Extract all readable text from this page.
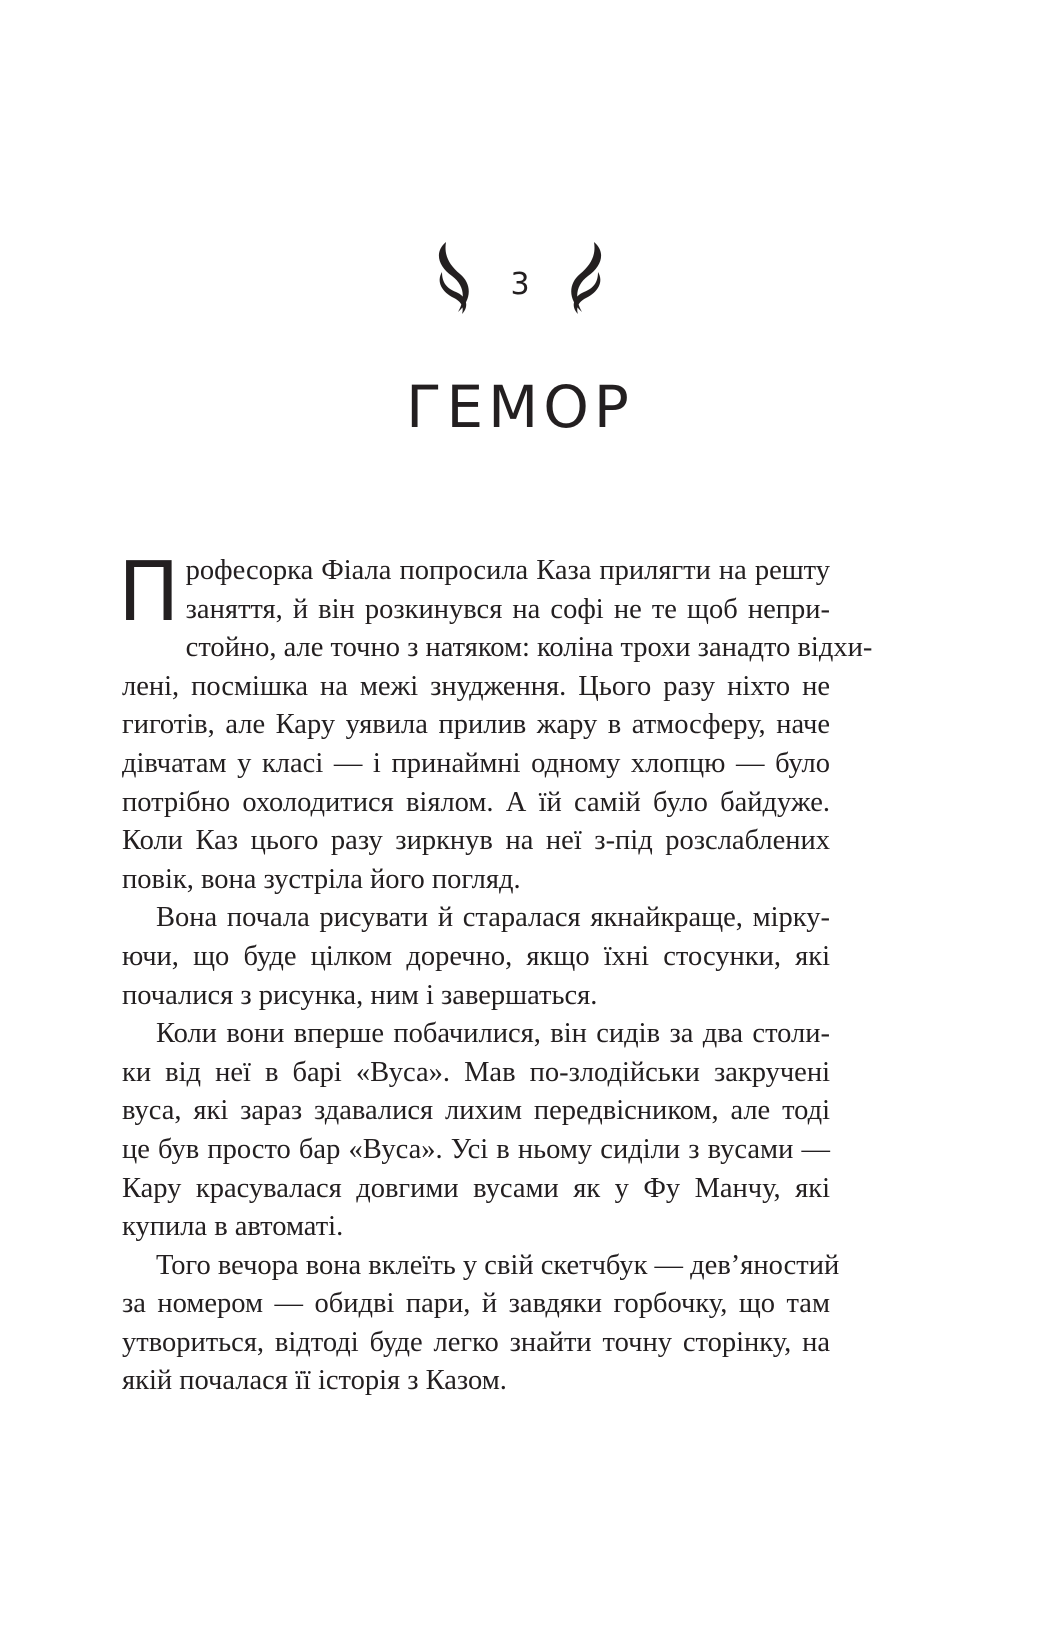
3
ГЕМОР

П рофесорка Фіала попросила Каза прилягти на решту
заняття, й він розкинувся на софі не те щоб непри-
стойно, але точно з натяком: коліна трохи занадто відхи-
лені, посмішка на межі знудження. Цього разу ніхто не
гиготів, але Кару уявила прилив жару в атмосферу, наче
дівчатам у класі — і принаймні одному хлопцю — було
потрібно охолодитися віялом. А їй самій було байдуже.
Коли Каз цього разу зиркнув на неї з-під розслаблених
повік, вона зустріла його погляд.

Вона почала рисувати й старалася якнайкраще, мірку-
ючи, що буде цілком доречно, якщо їхні стосунки, які
почалися з рисунка, ним і завершаться.

Коли вони вперше побачилися, він сидів за два столи-
ки від неї в барі «Вуса». Мав по-злодійськи закручені
вуса, які зараз здавалися лихим передвісником, але тоді
це був просто бар «Вуса». Усі в ньому сиділи з вусами —
Кару красувалася довгими вусами як у Фу Манчу, які
купила в автоматі.

Того вечора вона вклеїть у свій скетчбук — дев’яностий
за номером — обидві пари, й завдяки горбочку, що там
утвориться, відтоді буде легко знайти точну сторінку, на
якій почалася її історія з Казом.
